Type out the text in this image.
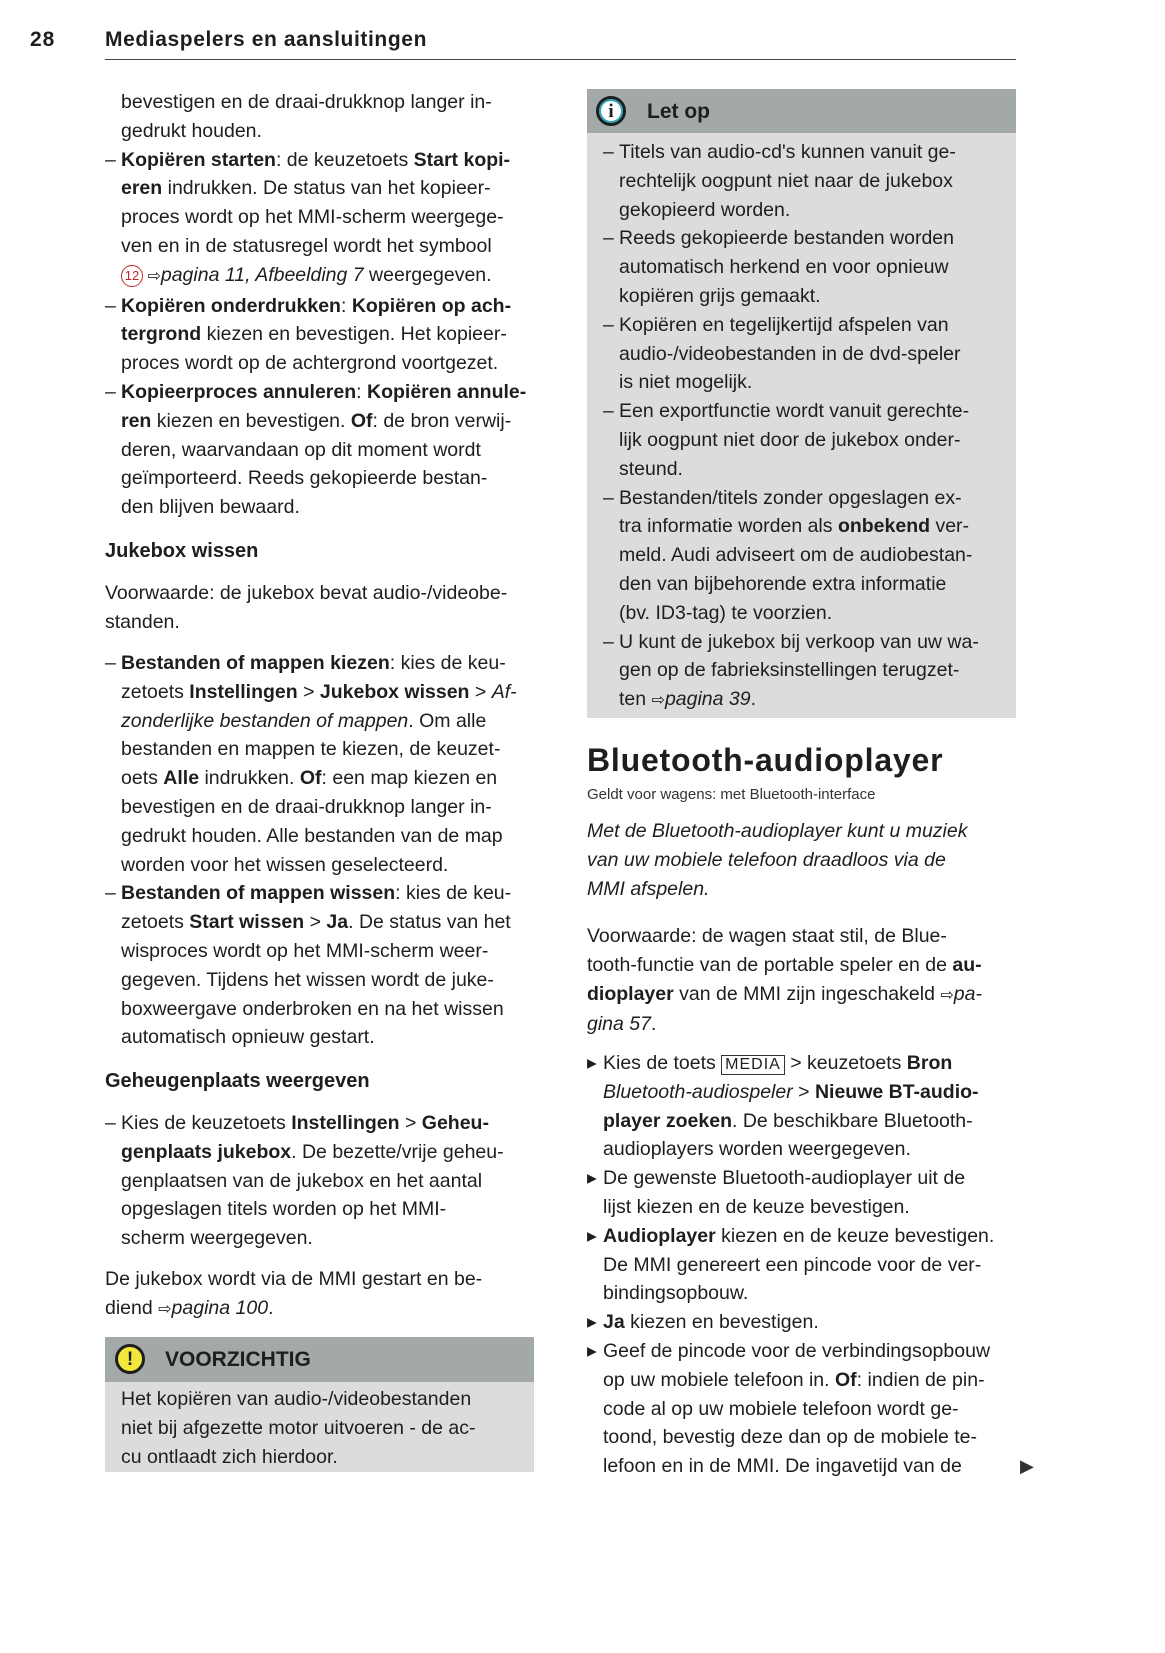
28 Mediaspelers en aansluitingen
bevestigen en de draai-drukknop langer in-
gedrukt houden.
– Kopiëren starten: de keuzetoets Start kopi-
eren indrukken. De status van het kopieer-
proces wordt op het MMI-scherm weergege-
ven en in de statusregel wordt het symbool
12 ⇨pagina 11, Afbeelding 7 weergegeven.
– Kopiëren onderdrukken: Kopiëren op ach-
tergrond kiezen en bevestigen. Het kopieer-
proces wordt op de achtergrond voortgezet.
– Kopieerproces annuleren: Kopiëren annule-
ren kiezen en bevestigen. Of: de bron verwij-
deren, waarvandaan op dit moment wordt
geïmporteerd. Reeds gekopieerde bestan-
den blijven bewaard.
Jukebox wissen
Voorwaarde: de jukebox bevat audio-/videobe-
standen.
– Bestanden of mappen kiezen: kies de keu-
zetoets Instellingen > Jukebox wissen > Af-
zonderlijke bestanden of mappen. Om alle
bestanden en mappen te kiezen, de keuzet-
oets Alle indrukken. Of: een map kiezen en
bevestigen en de draai-drukknop langer in-
gedrukt houden. Alle bestanden van de map
worden voor het wissen geselecteerd.
– Bestanden of mappen wissen: kies de keu-
zetoets Start wissen > Ja. De status van het
wisproces wordt op het MMI-scherm weer-
gegeven. Tijdens het wissen wordt de juke-
boxweergave onderbroken en na het wissen
automatisch opnieuw gestart.
Geheugenplaats weergeven
– Kies de keuzetoets Instellingen > Geheu-
genplaats jukebox. De bezette/vrije geheu-
genplaatsen van de jukebox en het aantal
opgeslagen titels worden op het MMI-
scherm weergegeven.
De jukebox wordt via de MMI gestart en be-
diend ⇨pagina 100.
!	VOORZICHTIG
Het kopiëren van audio-/videobestanden
niet bij afgezette motor uitvoeren - de ac-
cu ontlaadt zich hierdoor.
i	Let op
– Titels van audio-cd's kunnen vanuit ge-
rechtelijk oogpunt niet naar de jukebox
gekopieerd worden.
– Reeds gekopieerde bestanden worden
automatisch herkend en voor opnieuw
kopiëren grijs gemaakt.
– Kopiëren en tegelijkertijd afspelen van
audio-/videobestanden in de dvd-speler
is niet mogelijk.
– Een exportfunctie wordt vanuit gerechte-
lijk oogpunt niet door de jukebox onder-
steund.
– Bestanden/titels zonder opgeslagen ex-
tra informatie worden als onbekend ver-
meld. Audi adviseert om de audiobestan-
den van bijbehorende extra informatie
(bv. ID3-tag) te voorzien.
– U kunt de jukebox bij verkoop van uw wa-
gen op de fabrieksinstellingen terugzet-
ten ⇨pagina 39.
Bluetooth-audioplayer
Geldt voor wagens: met Bluetooth-interface
Met de Bluetooth-audioplayer kunt u muziek
van uw mobiele telefoon draadloos via de
MMI afspelen.
Voorwaarde: de wagen staat stil, de Blue-
tooth-functie van de portable speler en de au-
dioplayer van de MMI zijn ingeschakeld ⇨pa-
gina 57.
▸ Kies de toets MEDIA > keuzetoets Bron
Bluetooth-audiospeler > Nieuwe BT-audio-
player zoeken. De beschikbare Bluetooth-
audioplayers worden weergegeven.
▸ De gewenste Bluetooth-audioplayer uit de
lijst kiezen en de keuze bevestigen.
▸ Audioplayer kiezen en de keuze bevestigen.
De MMI genereert een pincode voor de ver-
bindingsopbouw.
▸ Ja kiezen en bevestigen.
▸ Geef de pincode voor de verbindingsopbouw
op uw mobiele telefoon in. Of: indien de pin-
code al op uw mobiele telefoon wordt ge-
toond, bevestig deze dan op de mobiele te-
lefoon en in de MMI. De ingavetijd van de	▶
